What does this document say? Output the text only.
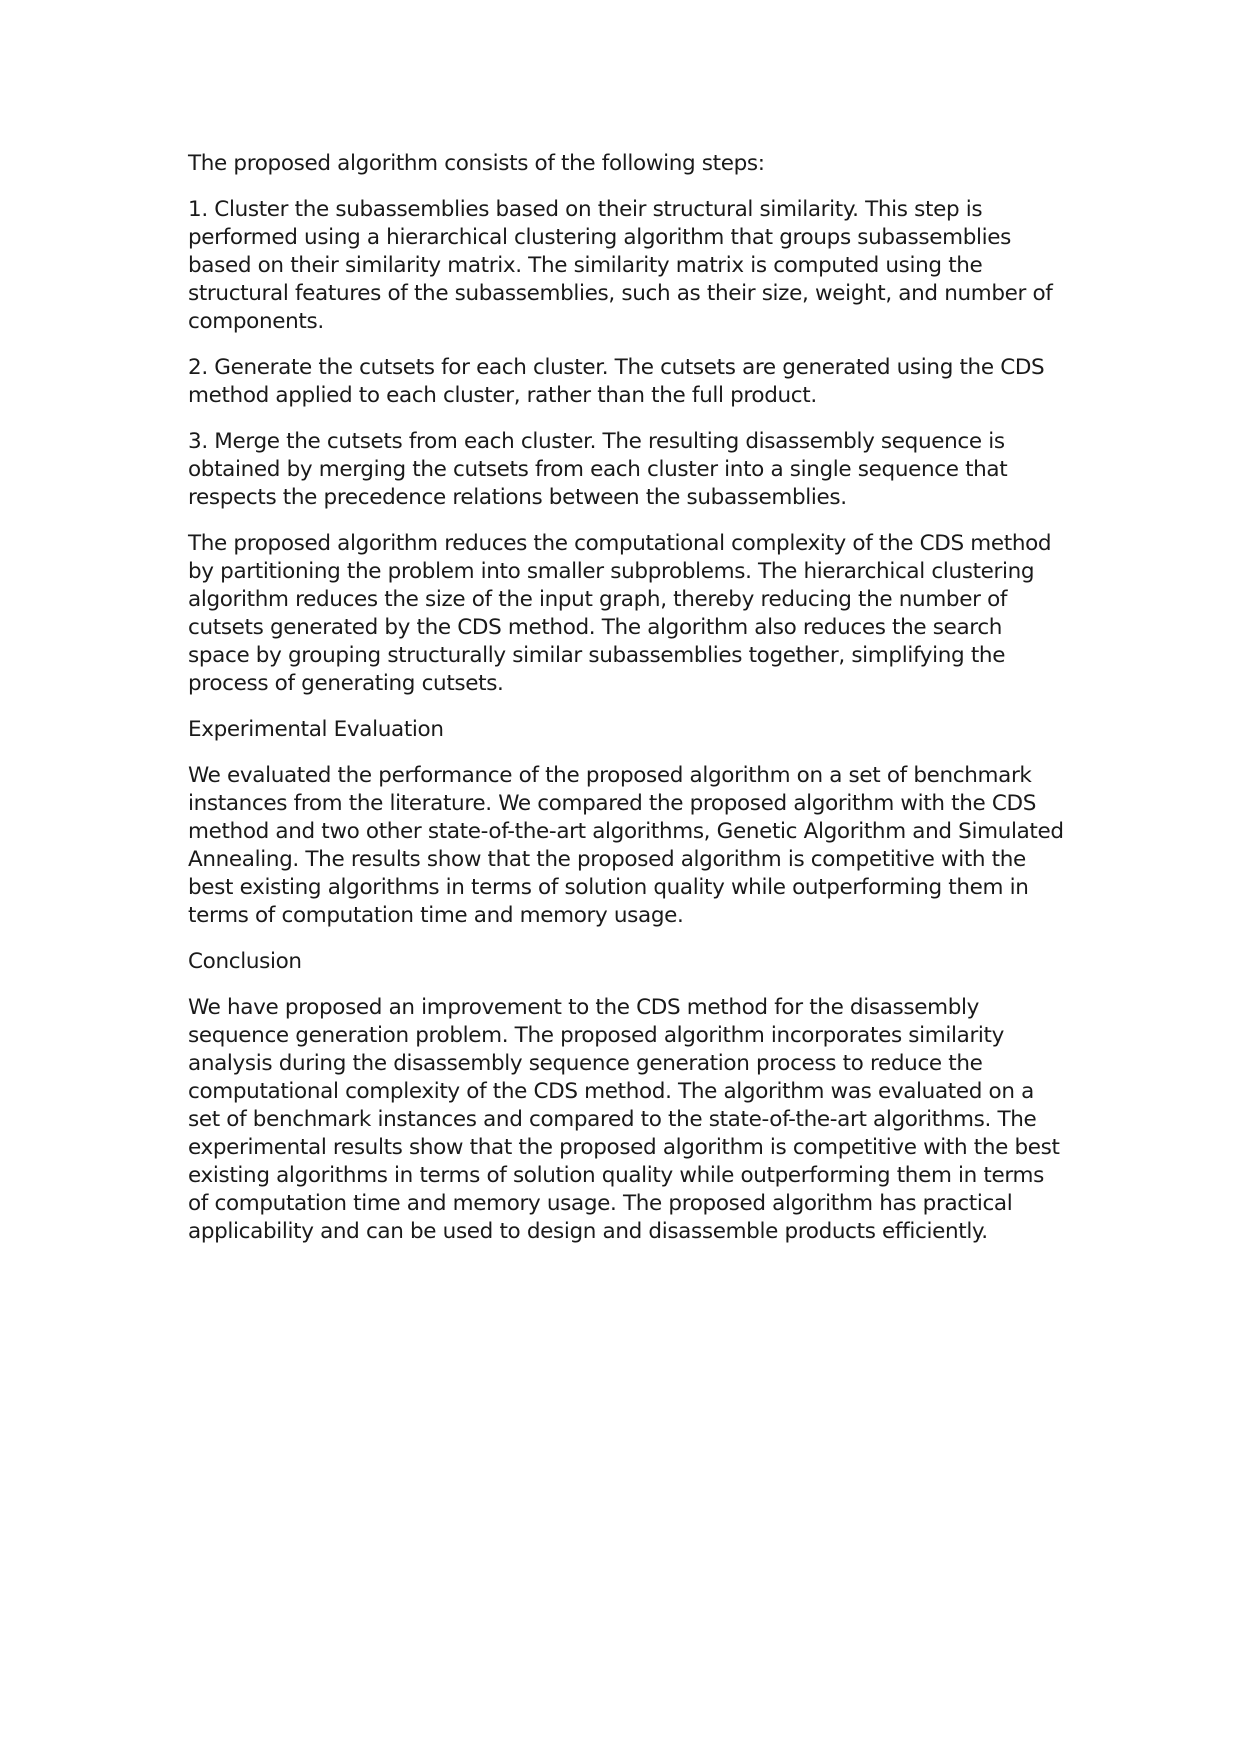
The proposed algorithm consists of the following steps:

1. Cluster the subassemblies based on their structural similarity. This step is performed using a hierarchical clustering algorithm that groups subassemblies based on their similarity matrix. The similarity matrix is computed using the structural features of the subassemblies, such as their size, weight, and number of components.

2. Generate the cutsets for each cluster. The cutsets are generated using the CDS method applied to each cluster, rather than the full product.

3. Merge the cutsets from each cluster. The resulting disassembly sequence is obtained by merging the cutsets from each cluster into a single sequence that respects the precedence relations between the subassemblies.

The proposed algorithm reduces the computational complexity of the CDS method by partitioning the problem into smaller subproblems. The hierarchical clustering algorithm reduces the size of the input graph, thereby reducing the number of cutsets generated by the CDS method. The algorithm also reduces the search space by grouping structurally similar subassemblies together, simplifying the process of generating cutsets.

Experimental Evaluation

We evaluated the performance of the proposed algorithm on a set of benchmark instances from the literature. We compared the proposed algorithm with the CDS method and two other state-of-the-art algorithms, Genetic Algorithm and Simulated Annealing. The results show that the proposed algorithm is competitive with the best existing algorithms in terms of solution quality while outperforming them in terms of computation time and memory usage.

Conclusion

We have proposed an improvement to the CDS method for the disassembly sequence generation problem. The proposed algorithm incorporates similarity analysis during the disassembly sequence generation process to reduce the computational complexity of the CDS method. The algorithm was evaluated on a set of benchmark instances and compared to the state-of-the-art algorithms. The experimental results show that the proposed algorithm is competitive with the best existing algorithms in terms of solution quality while outperforming them in terms of computation time and memory usage. The proposed algorithm has practical applicability and can be used to design and disassemble products efficiently.
